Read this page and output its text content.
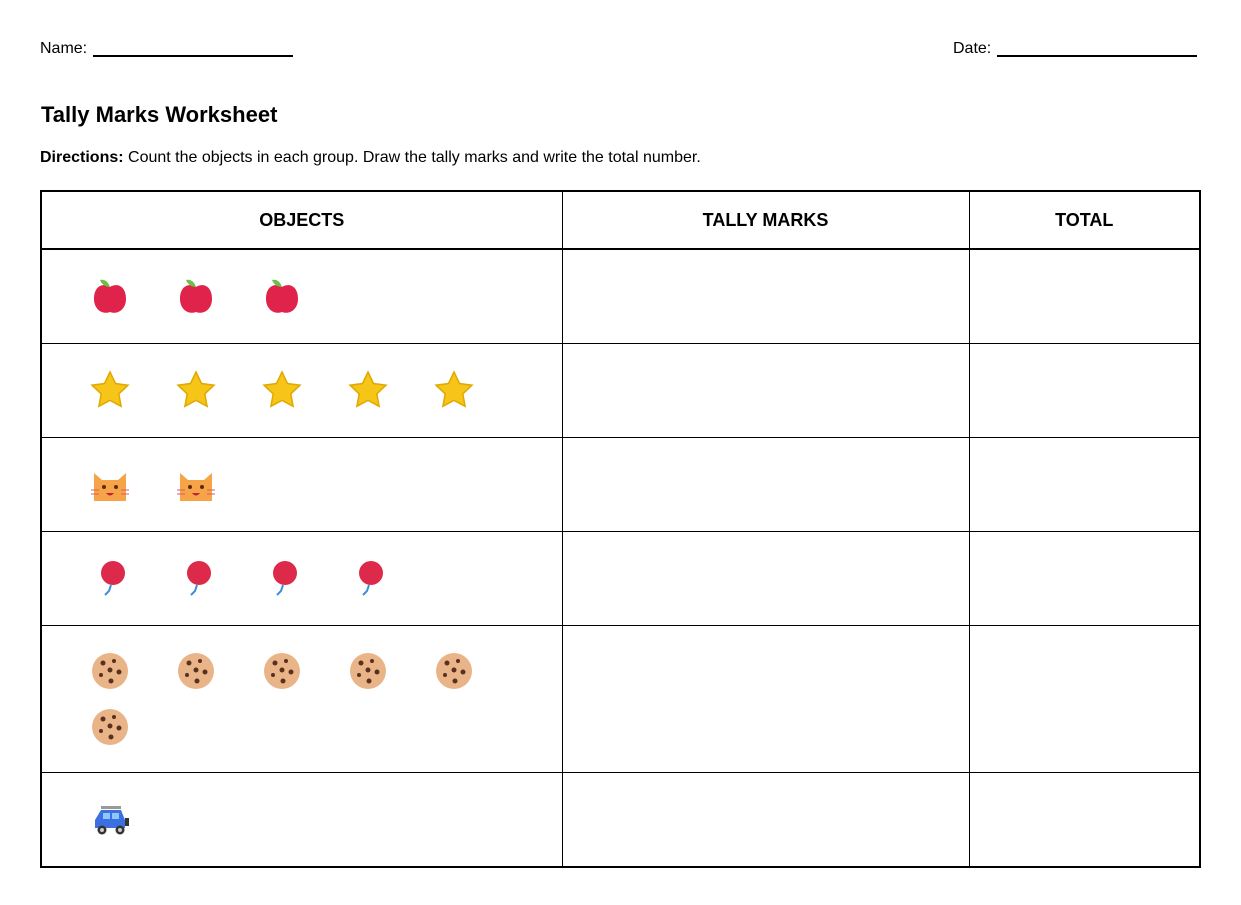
Name:	Date:
Tally Marks Worksheet
Directions: Count the objects in each group. Draw the tally marks and write the total number.
OBJECTS	TALLY MARKS	TOTAL
